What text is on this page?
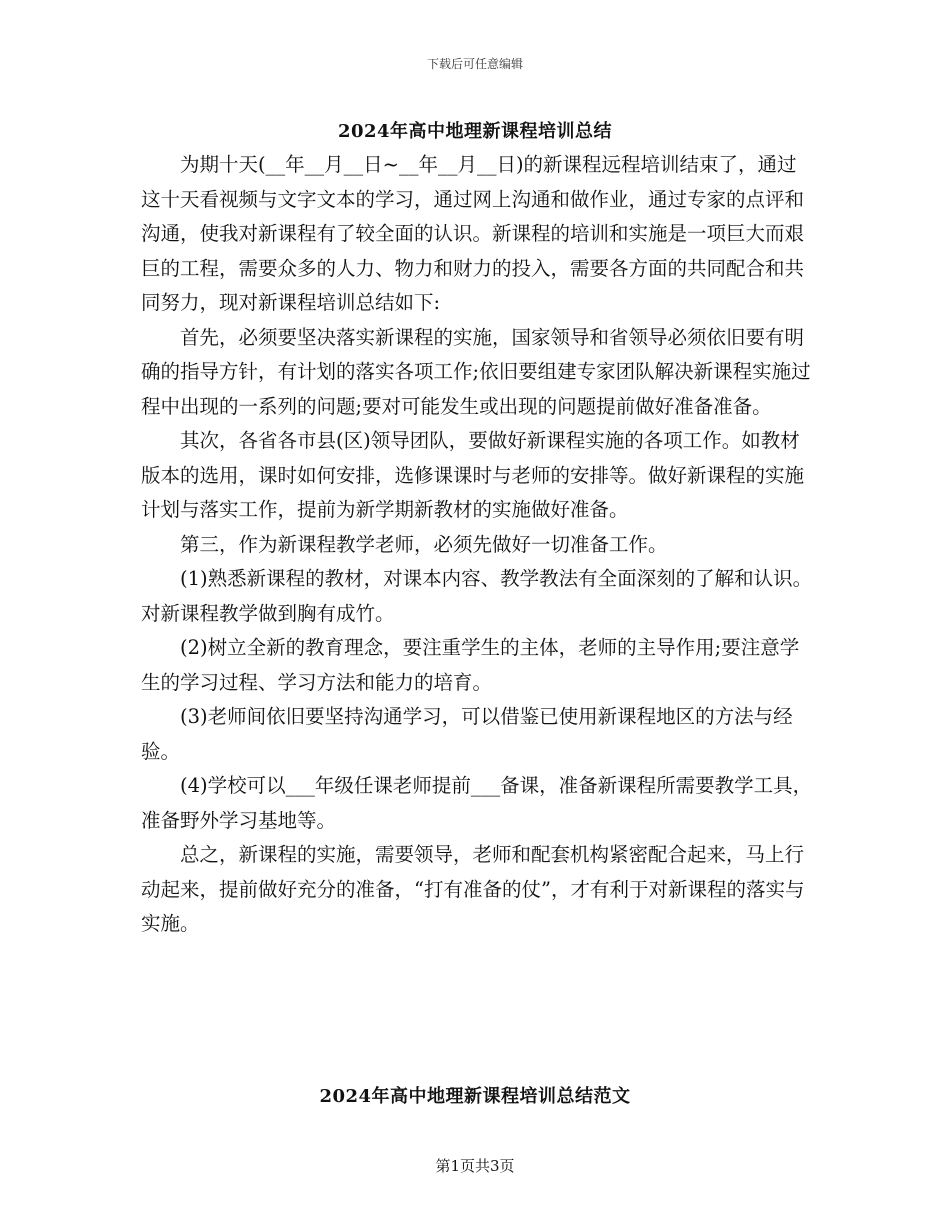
下载后可任意编辑
2024年高中地理新课程培训总结

为期十天(__年__月__日~__年__月__日)的新课程远程培训结束了，通过这十天看视频与文字文本的学习，通过网上沟通和做作业，通过专家的点评和沟通，使我对新课程有了较全面的认识。新课程的培训和实施是一项巨大而艰巨的工程，需要众多的人力、物力和财力的投入，需要各方面的共同配合和共同努力，现对新课程培训总结如下:

首先，必须要坚决落实新课程的实施，国家领导和省领导必须依旧要有明确的指导方针，有计划的落实各项工作;依旧要组建专家团队解决新课程实施过程中出现的一系列的问题;要对可能发生或出现的问题提前做好准备准备。

其次，各省各市县(区)领导团队，要做好新课程实施的各项工作。如教材版本的选用，课时如何安排，选修课课时与老师的安排等。做好新课程的实施计划与落实工作，提前为新学期新教材的实施做好准备。

第三，作为新课程教学老师，必须先做好一切准备工作。

(1)熟悉新课程的教材，对课本内容、教学教法有全面深刻的了解和认识。对新课程教学做到胸有成竹。

(2)树立全新的教育理念，要注重学生的主体，老师的主导作用;要注意学生的学习过程、学习方法和能力的培育。

(3)老师间依旧要坚持沟通学习，可以借鉴已使用新课程地区的方法与经验。

(4)学校可以___年级任课老师提前___备课，准备新课程所需要教学工具，准备野外学习基地等。

总之，新课程的实施，需要领导，老师和配套机构紧密配合起来，马上行动起来，提前做好充分的准备，“打有准备的仗”，才有利于对新课程的落实与实施。

2024年高中地理新课程培训总结范文
第1页共3页
